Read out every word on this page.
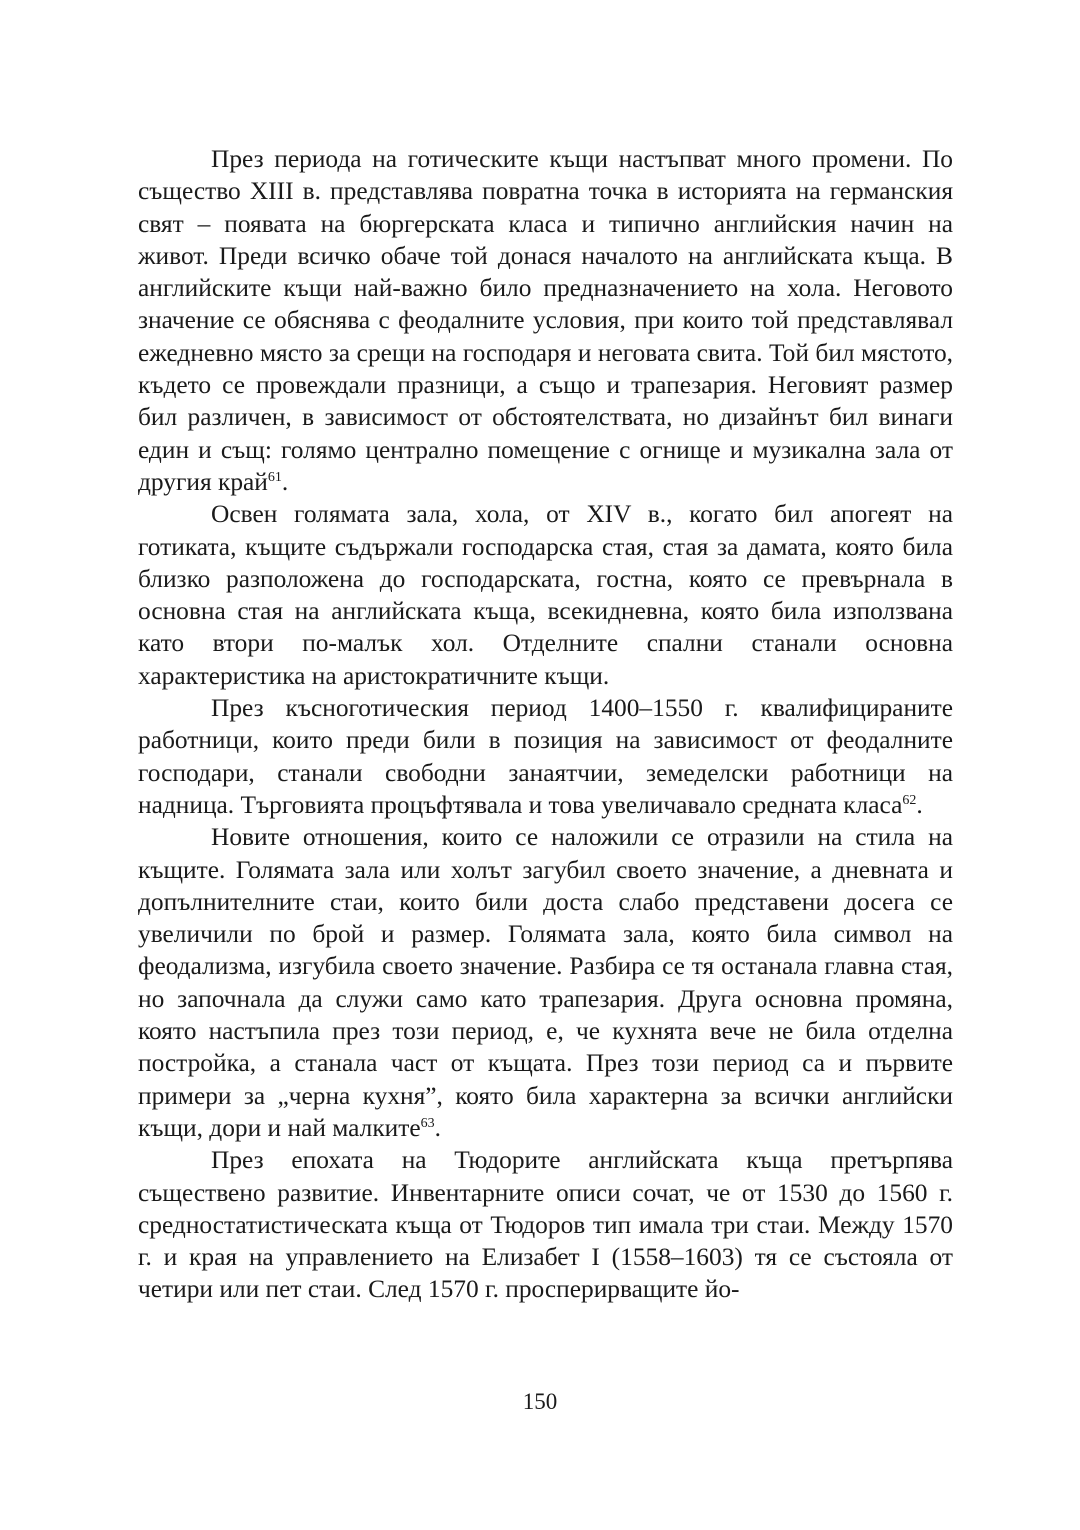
През периода на готическите къщи настъпват много промени. По същество XIII в. представлява повратна точка в историята на германския свят – появата на бюргерската класа и типично английския начин на живот. Преди всичко обаче той донася началото на английската къща. В английските къщи най-важно било предназначението на хола. Неговото значение се обяснява с феодалните условия, при които той представлявал ежедневно място за срещи на господаря и неговата свита. Той бил мястото, където се провеждали празници, а също и трапезария. Неговият размер бил различен, в зависимост от обстоятелствата, но дизайнът бил винаги един и същ: голямо централно помещение с огнище и музикална зала от другия край$^{61}$.

Освен голямата зала, хола, от XIV в., когато бил апогеят на готиката, къщите съдържали господарска стая, стая за дамата, която била близко разположена до господарската, гостна, която се превърнала в основна стая на английската къща, всекидневна, която била използвана като втори по-малък хол. Отделните спални станали основна характеристика на аристократичните къщи.

През късноготическия период 1400–1550 г. квалифицираните работници, които преди били в позиция на зависимост от феодалните господари, станали свободни занаятчии, земеделски работници на надница. Търговията процъфтявала и това увеличавало средната класа$^{62}$.

Новите отношения, които се наложили се отразили на стила на къщите. Голямата зала или холът загубил своето значение, а дневната и допълнителните стаи, които били доста слабо представени досега се увеличили по брой и размер. Голямата зала, която била символ на феодализма, изгубила своето значение. Разбира се тя останала главна стая, но започнала да служи само като трапезария. Друга основна промяна, която настъпила през този период, е, че кухнята вече не била отделна постройка, а станала част от къщата. През този период са и първите примери за „черна кухня”, която била характерна за всички английски къщи, дори и най малките$^{63}$.

През епохата на Тюдорите английската къща претърпява съществено развитие. Инвентарните описи сочат, че от 1530 до 1560 г. средностатистическата къща от Тюдоров тип имала три стаи. Между 1570 г. и края на управлението на Елизабет I (1558–1603) тя се състояла от четири или пет стаи. След 1570 г. просперирващите йо-

150
